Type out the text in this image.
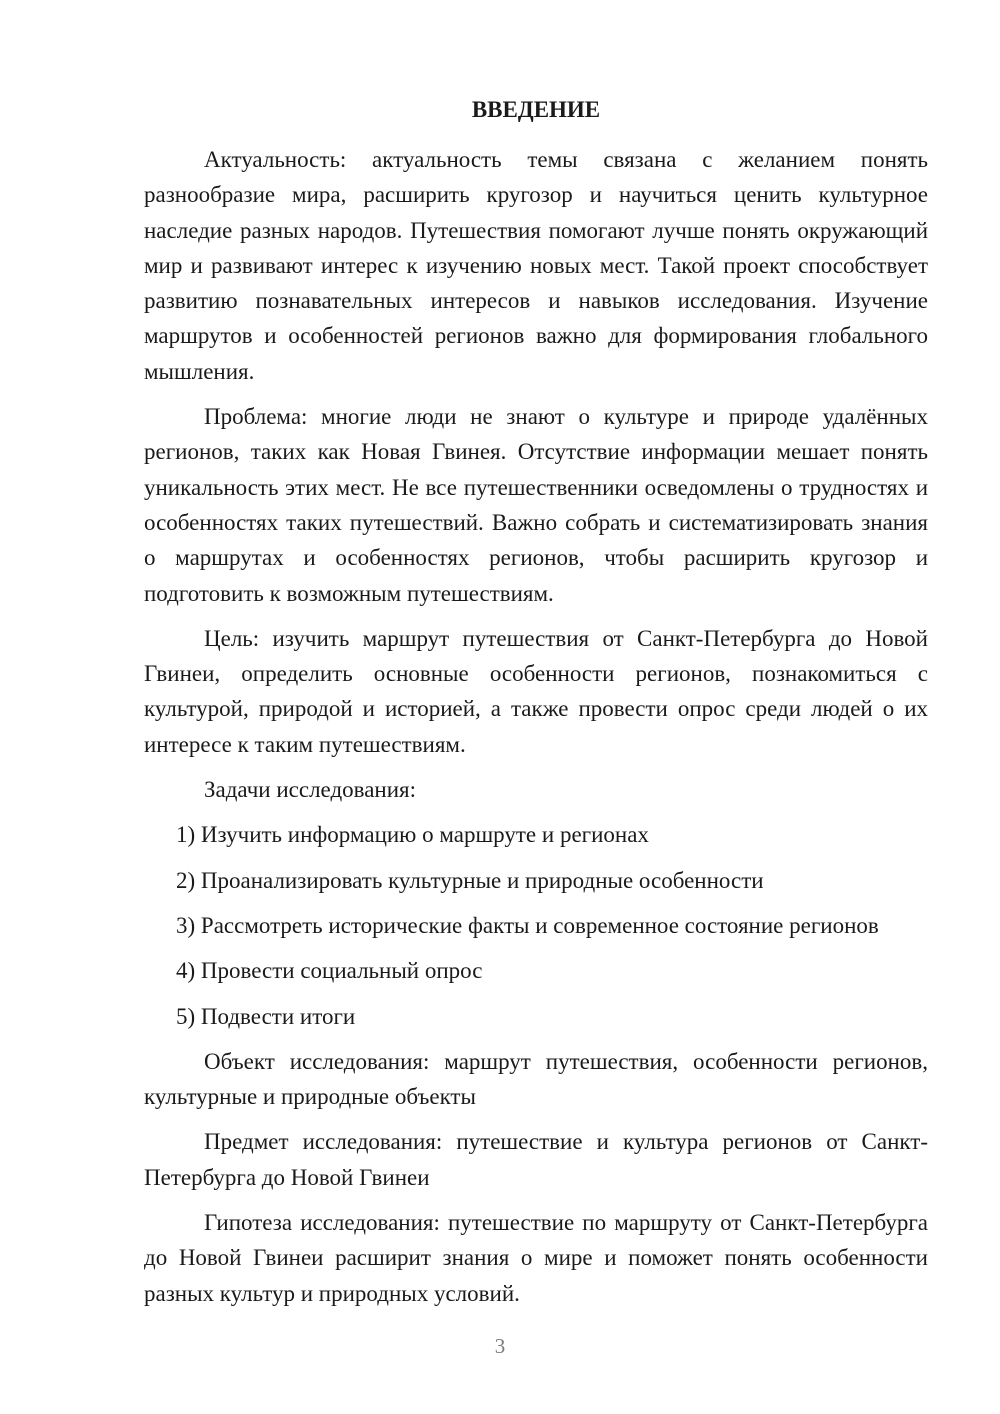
ВВЕДЕНИЕ

Актуальность: актуальность темы связана с желанием понять разнообразие мира, расширить кругозор и научиться ценить культурное наследие разных народов. Путешествия помогают лучше понять окружающий мир и развивают интерес к изучению новых мест. Такой проект способствует развитию познавательных интересов и навыков исследования. Изучение маршрутов и особенностей регионов важно для формирования глобального мышления.

Проблема: многие люди не знают о культуре и природе удалённых регионов, таких как Новая Гвинея. Отсутствие информации мешает понять уникальность этих мест. Не все путешественники осведомлены о трудностях и особенностях таких путешествий. Важно собрать и систематизировать знания о маршрутах и особенностях регионов, чтобы расширить кругозор и подготовить к возможным путешествиям.

Цель: изучить маршрут путешествия от Санкт-Петербурга до Новой Гвинеи, определить основные особенности регионов, познакомиться с культурой, природой и историей, а также провести опрос среди людей о их интересе к таким путешествиям.

Задачи исследования:

1) Изучить информацию о маршруте и регионах
2) Проанализировать культурные и природные особенности
3) Рассмотреть исторические факты и современное состояние регионов
4) Провести социальный опрос
5) Подвести итоги

Объект исследования: маршрут путешествия, особенности регионов, культурные и природные объекты

Предмет исследования: путешествие и культура регионов от Санкт-Петербурга до Новой Гвинеи

Гипотеза исследования: путешествие по маршруту от Санкт-Петербурга до Новой Гвинеи расширит знания о мире и поможет понять особенности разных культур и природных условий.

3
